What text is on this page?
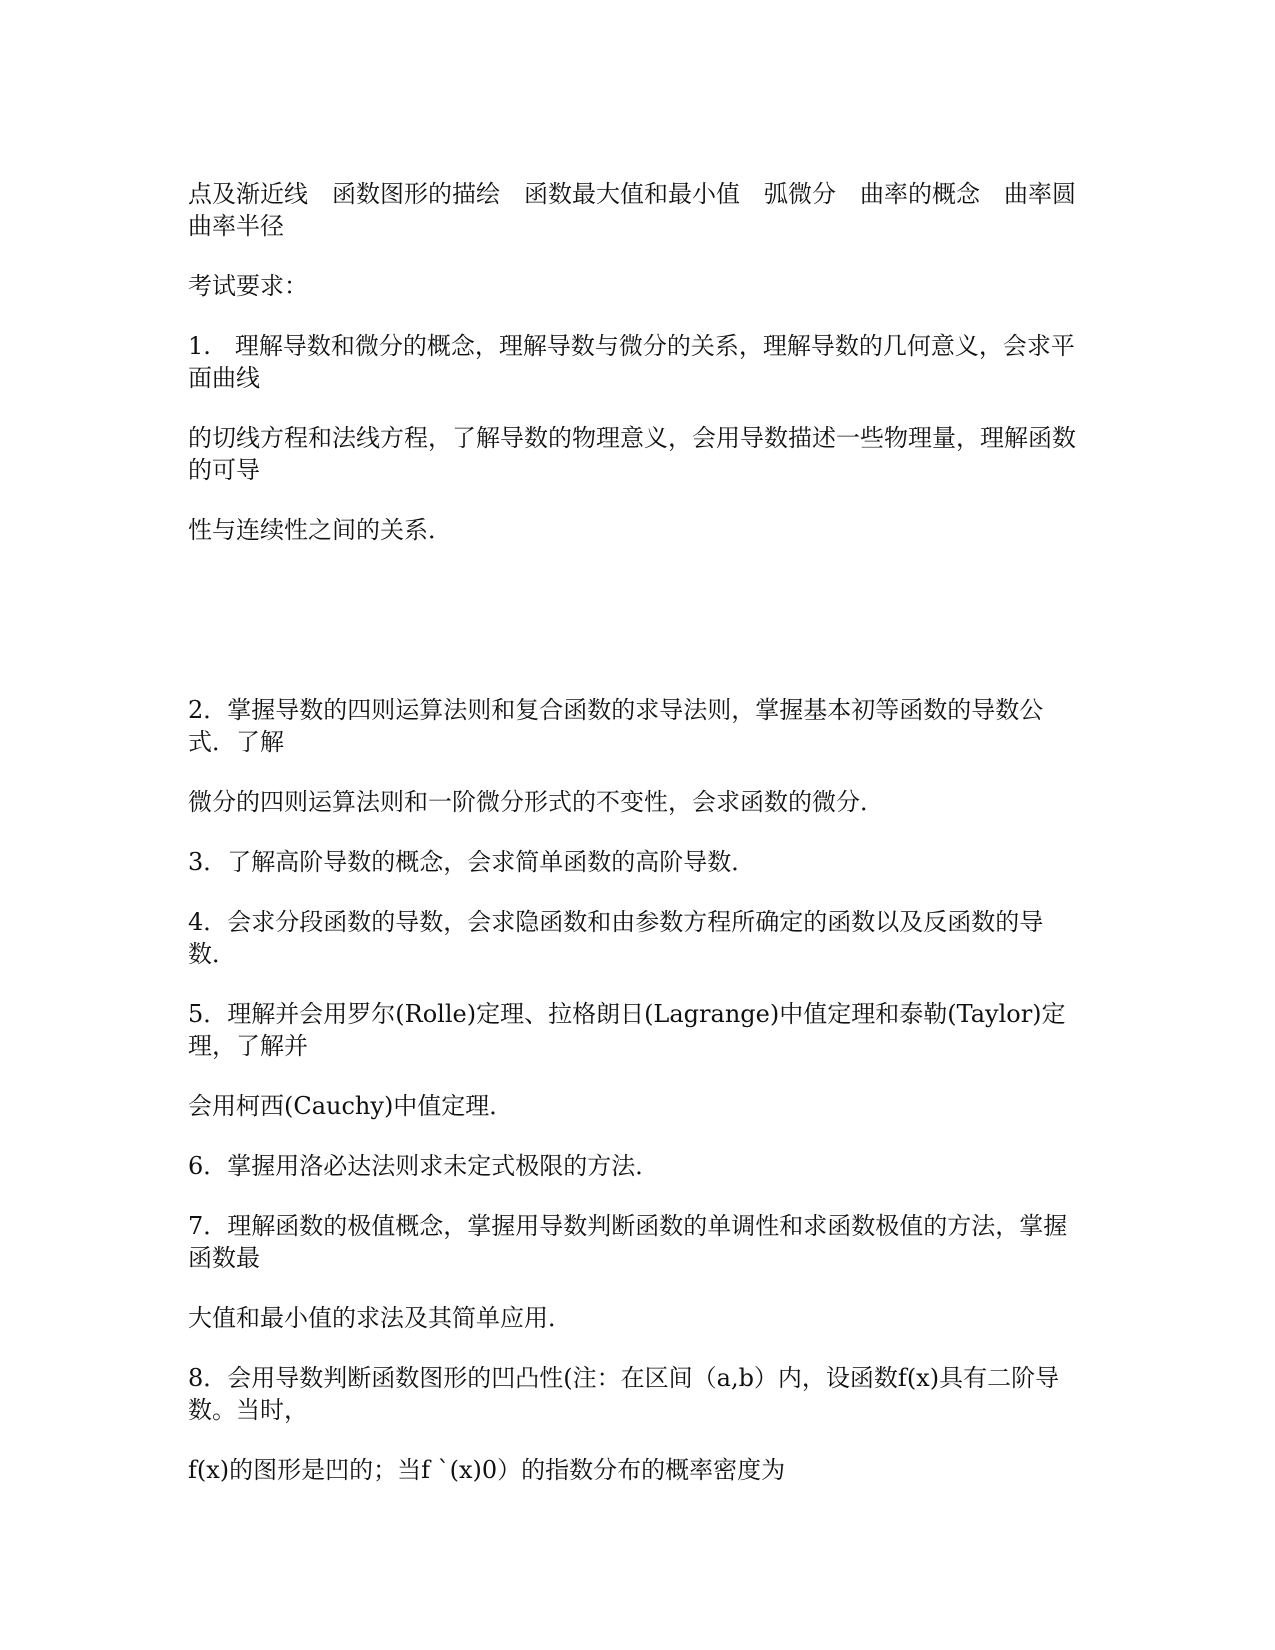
点及渐近线　函数图形的描绘　函数最大值和最小值　弧微分　曲率的概念　曲率圆　曲率半径

考试要求：

1.　理解导数和微分的概念，理解导数与微分的关系，理解导数的几何意义，会求平面曲线

的切线方程和法线方程，了解导数的物理意义，会用导数描述一些物理量，理解函数的可导

性与连续性之间的关系．

2．掌握导数的四则运算法则和复合函数的求导法则，掌握基本初等函数的导数公式．了解

微分的四则运算法则和一阶微分形式的不变性，会求函数的微分．

3．了解高阶导数的概念，会求简单函数的高阶导数．

4．会求分段函数的导数，会求隐函数和由参数方程所确定的函数以及反函数的导数．

5．理解并会用罗尔(Rolle)定理、拉格朗日(Lagrange)中值定理和泰勒(Taylor)定理，了解并

会用柯西(Cauchy)中值定理．

6．掌握用洛必达法则求未定式极限的方法．

7．理解函数的极值概念，掌握用导数判断函数的单调性和求函数极值的方法，掌握函数最

大值和最小值的求法及其简单应用．

8．会用导数判断函数图形的凹凸性(注：在区间（a,b）内，设函数f(x)具有二阶导数。当时，

f(x)的图形是凹的；当f `(x)0）的指数分布的概率密度为
